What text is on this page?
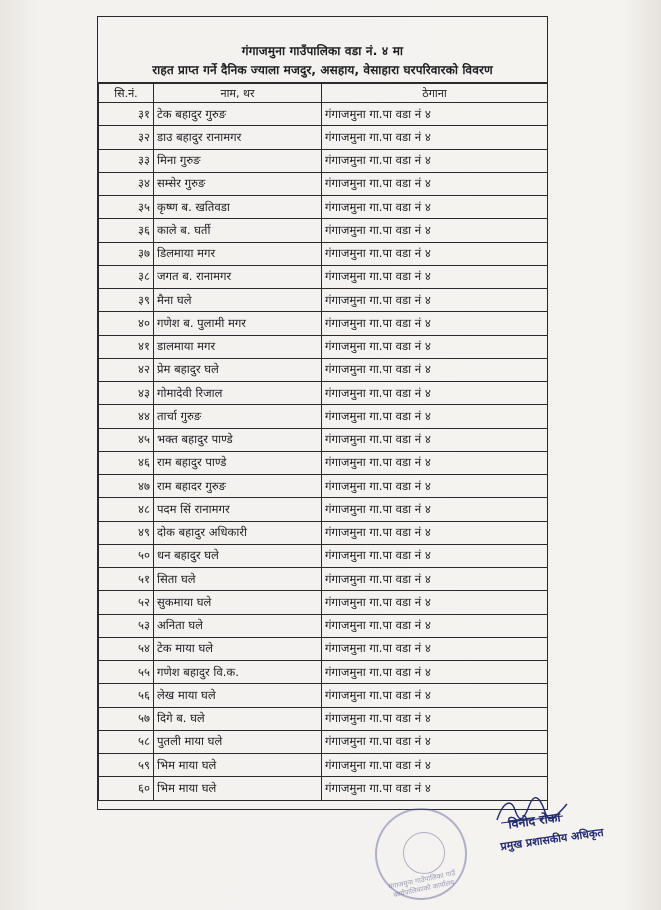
गंगाजमुना गाउँपालिका वडा नं. ४ मा
राहत प्राप्त गर्ने दैनिक ज्याला मजदुर, असहाय, वेसाहारा घरपरिवारको विवरण
सि.नं.	नाम, थर	ठेगाना
३१	टेक बहादुर गुरुङ	गंगाजमुना गा.पा वडा नं ४
३२	डाउ बहादुर रानामगर	गंगाजमुना गा.पा वडा नं ४
३३	मिना गुरुङ	गंगाजमुना गा.पा वडा नं ४
३४	सम्सेर गुरुङ	गंगाजमुना गा.पा वडा नं ४
३५	कृष्ण ब. खतिवडा	गंगाजमुना गा.पा वडा नं ४
३६	काले ब. घर्ती	गंगाजमुना गा.पा वडा नं ४
३७	डिलमाया मगर	गंगाजमुना गा.पा वडा नं ४
३८	जगत ब. रानामगर	गंगाजमुना गा.पा वडा नं ४
३९	मैना घले	गंगाजमुना गा.पा वडा नं ४
४०	गणेश ब. पुलामी मगर	गंगाजमुना गा.पा वडा नं ४
४१	डालमाया मगर	गंगाजमुना गा.पा वडा नं ४
४२	प्रेम बहादुर घले	गंगाजमुना गा.पा वडा नं ४
४३	गोमादेवी रिजाल	गंगाजमुना गा.पा वडा नं ४
४४	तार्चा गुरुङ	गंगाजमुना गा.पा वडा नं ४
४५	भक्त बहादुर पाण्डे	गंगाजमुना गा.पा वडा नं ४
४६	राम बहादुर पाण्डे	गंगाजमुना गा.पा वडा नं ४
४७	राम बहादर गुरुङ	गंगाजमुना गा.पा वडा नं ४
४८	पदम सिं रानामगर	गंगाजमुना गा.पा वडा नं ४
४९	दोक बहादुर अधिकारी	गंगाजमुना गा.पा वडा नं ४
५०	धन बहादुर घले	गंगाजमुना गा.पा वडा नं ४
५१	सिता घले	गंगाजमुना गा.पा वडा नं ४
५२	सुकमाया घले	गंगाजमुना गा.पा वडा नं ४
५३	अनिता घले	गंगाजमुना गा.पा वडा नं ४
५४	टेक माया घले	गंगाजमुना गा.पा वडा नं ४
५५	गणेश बहादुर वि.क.	गंगाजमुना गा.पा वडा नं ४
५६	लेख माया घले	गंगाजमुना गा.पा वडा नं ४
५७	दिगे ब. घले	गंगाजमुना गा.पा वडा नं ४
५८	पुतली माया घले	गंगाजमुना गा.पा वडा नं ४
५९	भिम माया घले	गंगाजमुना गा.पा वडा नं ४
६०	भिम माया घले	गंगाजमुना गा.पा वडा नं ४
गंगाजमुना गाउँपालिका गाउँ कार्यपालिकाको कार्यालय
विनोद रोका
प्रमुख प्रशासकीय अधिकृत
